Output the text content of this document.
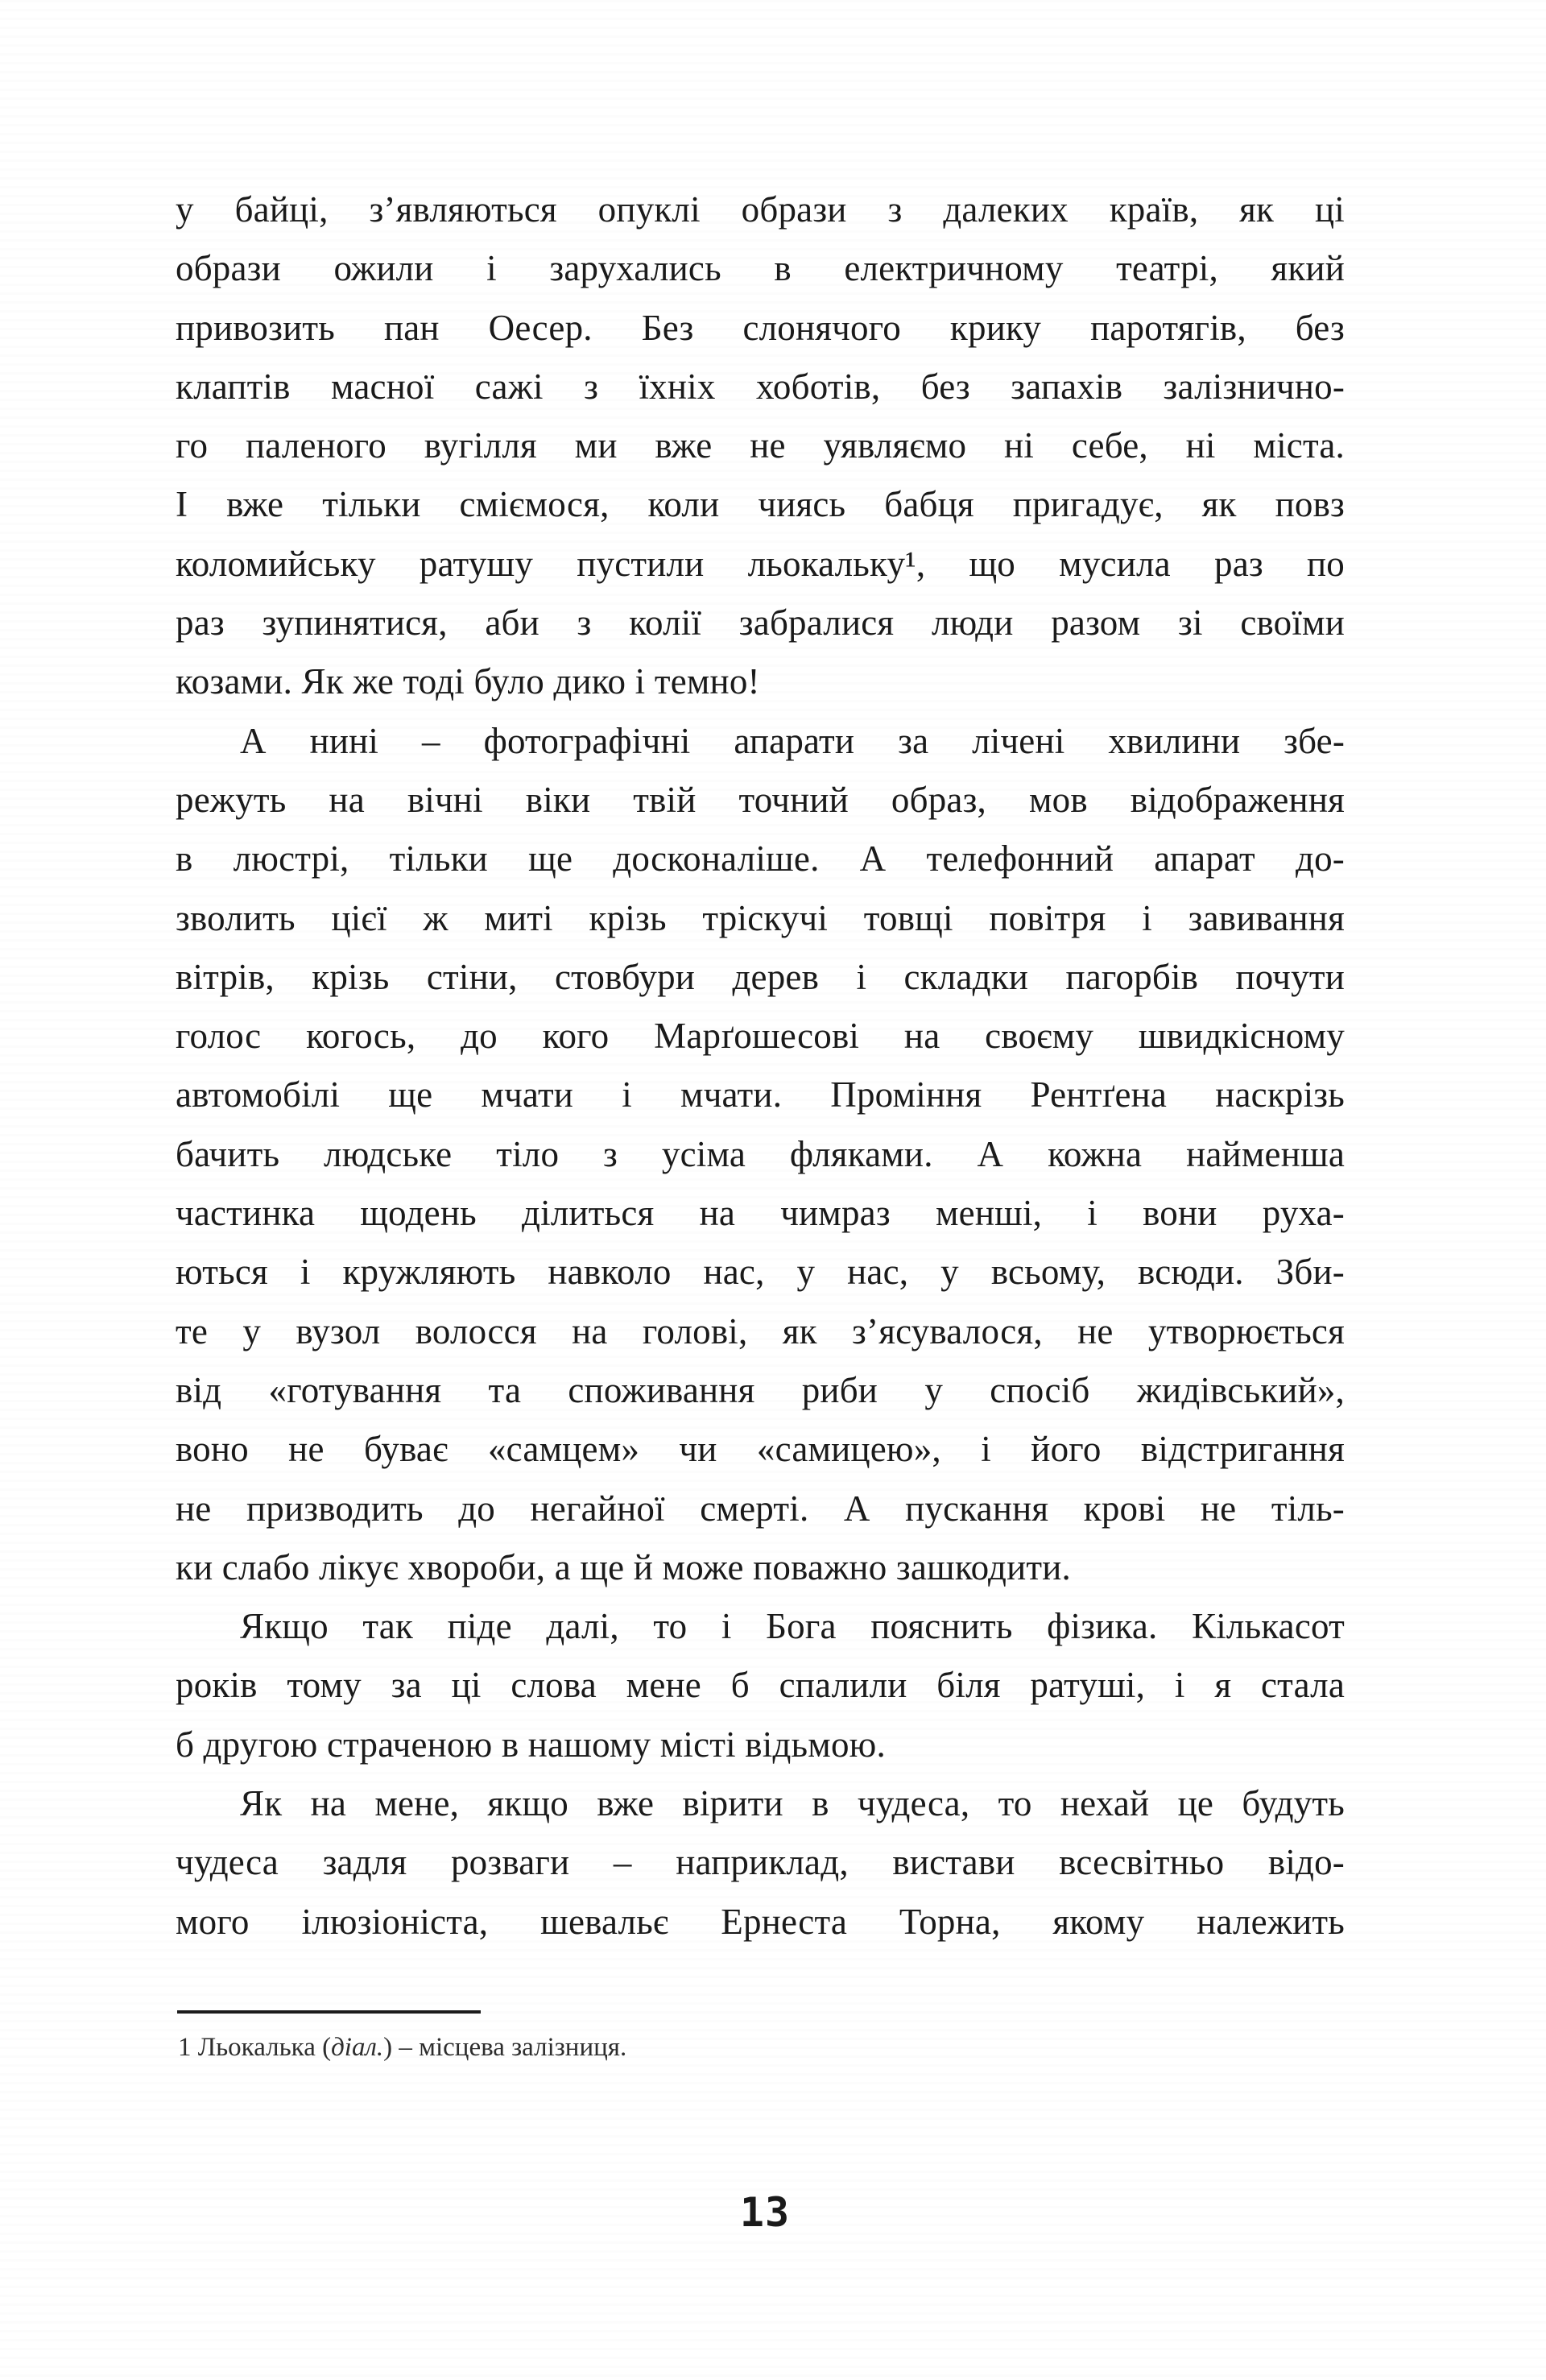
у байці, з’являються опуклі образи з далеких країв, як ці
образи ожили і зарухались в електричному театрі, який
привозить пан Оесер. Без слонячого крику паротягів, без
клаптів масної сажі з їхніх хоботів, без запахів залізнично-
го паленого вугілля ми вже не уявляємо ні себе, ні міста.
І вже тільки сміємося, коли чиясь бабця пригадує, як повз
коломийську ратушу пустили льокальку¹, що мусила раз по
раз зупинятися, аби з колії забралися люди разом зі своїми
козами. Як же тоді було дико і темно!
А нині – фотографічні апарати за лічені хвилини збе-
режуть на вічні віки твій точний образ, мов відображення
в люстрі, тільки ще досконаліше. А телефонний апарат до-
зволить цієї ж миті крізь тріскучі товщі повітря і завивання
вітрів, крізь стіни, стовбури дерев і складки пагорбів почути
голос когось, до кого Марґошесові на своєму швидкісному
автомобілі ще мчати і мчати. Проміння Рентґена наскрізь
бачить людське тіло з усіма фляками. А кожна найменша
частинка щодень ділиться на чимраз менші, і вони руха-
ються і кружляють навколо нас, у нас, у всьому, всюди. Зби-
те у вузол волосся на голові, як з’ясувалося, не утворюється
від «готування та споживання риби у спосіб жидівський»,
воно не буває «самцем» чи «самицею», і його відстригання
не призводить до негайної смерті. А пускання крові не тіль-
ки слабо лікує хвороби, а ще й може поважно зашкодити.
Якщо так піде далі, то і Бога пояснить фізика. Кількасот
років тому за ці слова мене б спалили біля ратуші, і я стала
б другою страченою в нашому місті відьмою.
Як на мене, якщо вже вірити в чудеса, то нехай це будуть
чудеса задля розваги – наприклад, вистави всесвітньо відо-
мого ілюзіоніста, шевальє Ернеста Торна, якому належить
1 Льокалька (діал.) – місцева залізниця.
13
